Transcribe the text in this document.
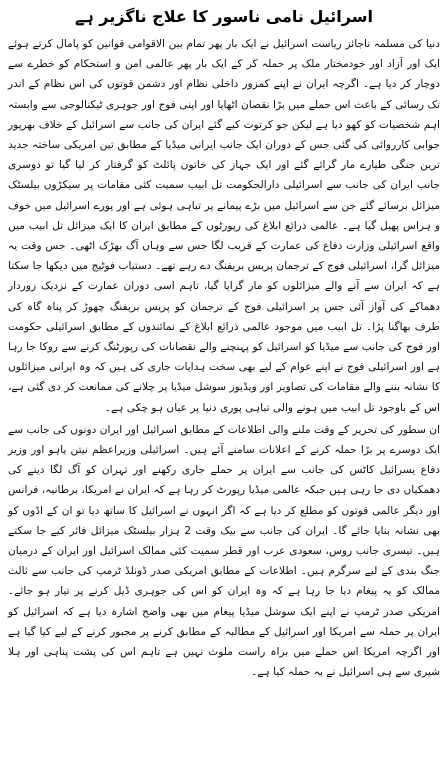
اسرائیل نامی ناسور کا علاج ناگزیر ہے

دنیا کی مسلمہ ناجائز ریاست اسرائیل نے ایک بار پھر تمام بین الاقوامی قوانین کو پامال کرتے ہوئے ایک اور آزاد اور خودمختار ملک پر حملہ کر کے ایک بار پھر عالمی امن و استحکام کو خطرے سے دوچار کر دیا ہے۔ اگرچہ ایران نے اپنے کمزور داخلی نظام اور دشمن قوتوں کی اس نظام کے اندر تک رسائی کے باعث اس حملے میں بڑا نقصان اٹھایا اور اپنی فوج اور جوہری ٹیکنالوجی سے وابستہ اہم شخصیات کو کھو دیا ہے لیکن جو کرتوت کیے گئے ایران کی جانب سے اسرائیل کے خلاف بھرپور جوابی کارروائی کی گئی جس کے دوران ایک جانب ایرانی میڈیا کے مطابق تین امریکی ساختہ جدید ترین جنگی طیارے مار گرائے گئے اور ایک جہاز کی خاتون پائلٹ کو گرفتار کر لیا گیا تو دوسری جانب ایران کی جانب سے اسرائیلی دارالحکومت تل ابیب سمیت کئی مقامات پر سیکڑوں بیلسٹک میزائل برسائے گئے جن سے اسرائیل میں بڑے پیمانے پر تباہی ہوئی ہے اور پورے اسرائیل میں خوف و ہراس پھیل گیا ہے۔ عالمی ذرائع ابلاغ کی رپورٹوں کے مطابق ایران کا ایک میزائل تل ابیب میں واقع اسرائیلی وزارت دفاع کی عمارت کے قریب لگا جس سے وہاں آگ بھڑک اٹھی۔ جس وقت یہ میزائل گرا، اسرائیلی فوج کے ترجمان پریس بریفنگ دے رہے تھے۔ دستیاب فوٹیج میں دیکھا جا سکتا ہے کہ ایران سے آنے والے میزائلوں کو مار گرایا گیا، تاہم اسی دوران عمارت کے نزدیک زوردار دھماکے کی آواز آئی جس پر اسرائیلی فوج کے ترجمان کو پریس بریفنگ چھوڑ کر پناہ گاہ کی طرف بھاگنا پڑا۔ تل ابیب میں موجود عالمی ذرائع ابلاغ کے نمائندوں کے مطابق اسرائیلی حکومت اور فوج کی جانب سے میڈیا کو اسرائیل کو پہنچنے والے نقصانات کی رپورٹنگ کرنے سے روکا جا رہا ہے اور اسرائیلی فوج نے اپنے عوام کے لیے بھی سخت ہدایات جاری کی ہیں کہ وہ ایرانی میزائلوں کا نشانہ بننے والے مقامات کی تصاویر اور ویڈیوز سوشل میڈیا پر چلانے کی ممانعت کر دی گئی ہے، اس کے باوجود تل ابیب میں ہونے والی تباہی پوری دنیا پر عیاں ہو چکی ہے۔

ان سطور کی تحریر کے وقت ملنے والی اطلاعات کے مطابق اسرائیل اور ایران دونوں کی جانب سے ایک دوسرے پر بڑا حملہ کرنے کے اعلانات سامنے آئے ہیں۔ اسرائیلی وزیراعظم نیتن یاہو اور وزیر دفاع یسرائیل کاٹس کی جانب سے ایران پر حملے جاری رکھنے اور تہران کو آگ لگا دینے کی دھمکیاں دی جا رہی ہیں جبکہ عالمی میڈیا رپورٹ کر رہا ہے کہ ایران نے امریکا، برطانیہ، فرانس اور دیگر عالمی قوتوں کو مطلع کر دیا ہے کہ اگر انہوں نے اسرائیل کا ساتھ دیا تو ان کے اڈوں کو بھی نشانہ بنایا جائے گا۔ ایران کی جانب سے بیک وقت 2 ہزار بیلسٹک میزائل فائر کیے جا سکتے ہیں۔ تیسری جانب روس، سعودی عرب اور قطر سمیت کئی ممالک اسرائیل اور ایران کے درمیان جنگ بندی کے لیے سرگرم ہیں۔ اطلاعات کے مطابق امریکی صدر ڈونلڈ ٹرمپ کی جانب سے ثالث ممالک کو یہ پیغام دیا جا رہا ہے کہ وہ ایران کو اس کی جوہری ڈیل کرنے پر تیار ہو جائے۔ امریکی صدر ٹرمپ نے اپنے ایک سوشل میڈیا پیغام میں بھی واضح اشارہ دیا ہے کہ اسرائیل کو ایران پر حملہ سے امریکا اور اسرائیل کے مطالبہ کے مطابق کرنے پر مجبور کرنے کے لیے کیا گیا ہے اور اگرچہ امریکا اس حملے میں براہ راست ملوث نہیں ہے تاہم اس کی پشت پناہی اور ہلا شیری سے ہی اسرائیل نے یہ حملہ کیا ہے۔
